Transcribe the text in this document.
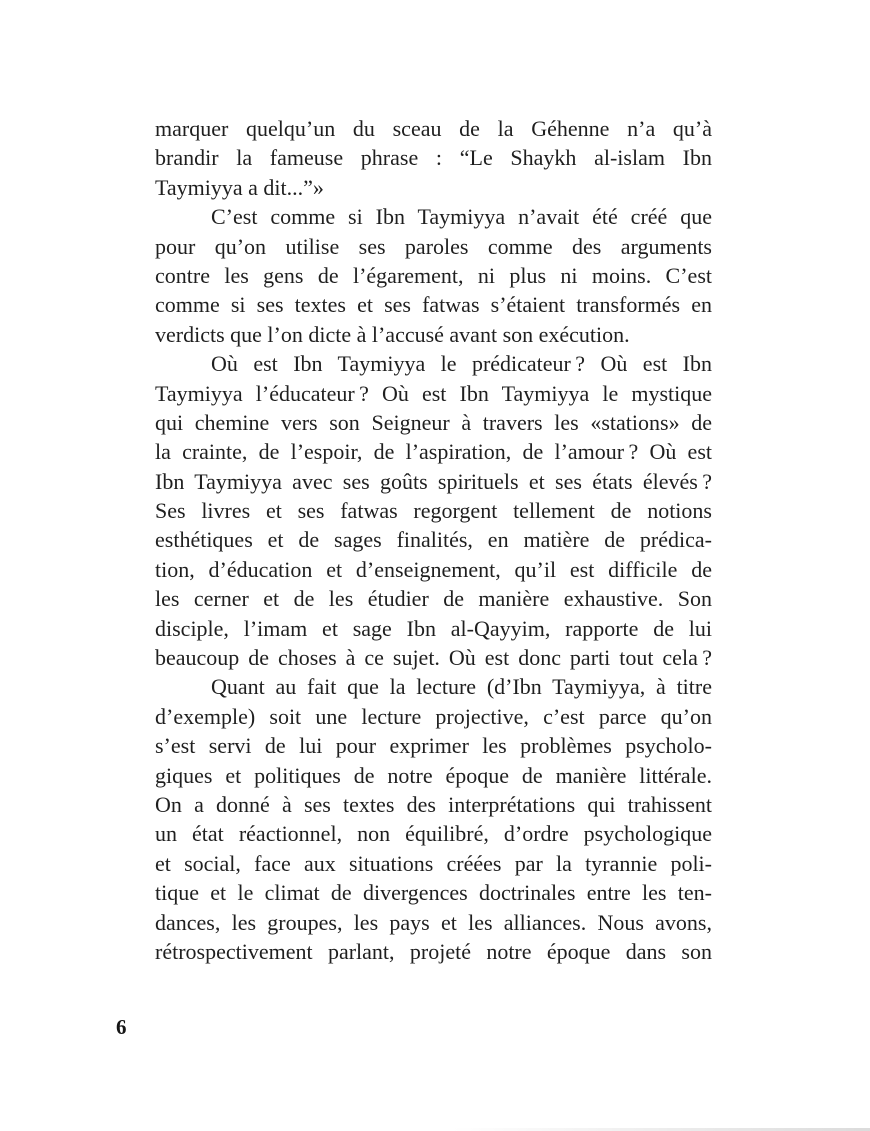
marquer quelqu’un du sceau de la Géhenne n’a qu’à
brandir la fameuse phrase : “Le Shaykh al-islam Ibn
Taymiyya a dit...”»
C’est comme si Ibn Taymiyya n’avait été créé que
pour qu’on utilise ses paroles comme des arguments
contre les gens de l’égarement, ni plus ni moins. C’est
comme si ses textes et ses fatwas s’étaient transformés en
verdicts que l’on dicte à l’accusé avant son exécution.
Où est Ibn Taymiyya le prédicateur ? Où est Ibn
Taymiyya l’éducateur ? Où est Ibn Taymiyya le mystique
qui chemine vers son Seigneur à travers les «stations» de
la crainte, de l’espoir, de l’aspiration, de l’amour ? Où est
Ibn Taymiyya avec ses goûts spirituels et ses états élevés ?
Ses livres et ses fatwas regorgent tellement de notions
esthétiques et de sages finalités, en matière de prédica-
tion, d’éducation et d’enseignement, qu’il est difficile de
les cerner et de les étudier de manière exhaustive. Son
disciple, l’imam et sage Ibn al-Qayyim, rapporte de lui
beaucoup de choses à ce sujet. Où est donc parti tout cela ?
Quant au fait que la lecture (d’Ibn Taymiyya, à titre
d’exemple) soit une lecture projective, c’est parce qu’on
s’est servi de lui pour exprimer les problèmes psycholo-
giques et politiques de notre époque de manière littérale.
On a donné à ses textes des interprétations qui trahissent
un état réactionnel, non équilibré, d’ordre psychologique
et social, face aux situations créées par la tyrannie poli-
tique et le climat de divergences doctrinales entre les ten-
dances, les groupes, les pays et les alliances. Nous avons,
rétrospectivement parlant, projeté notre époque dans son
6
